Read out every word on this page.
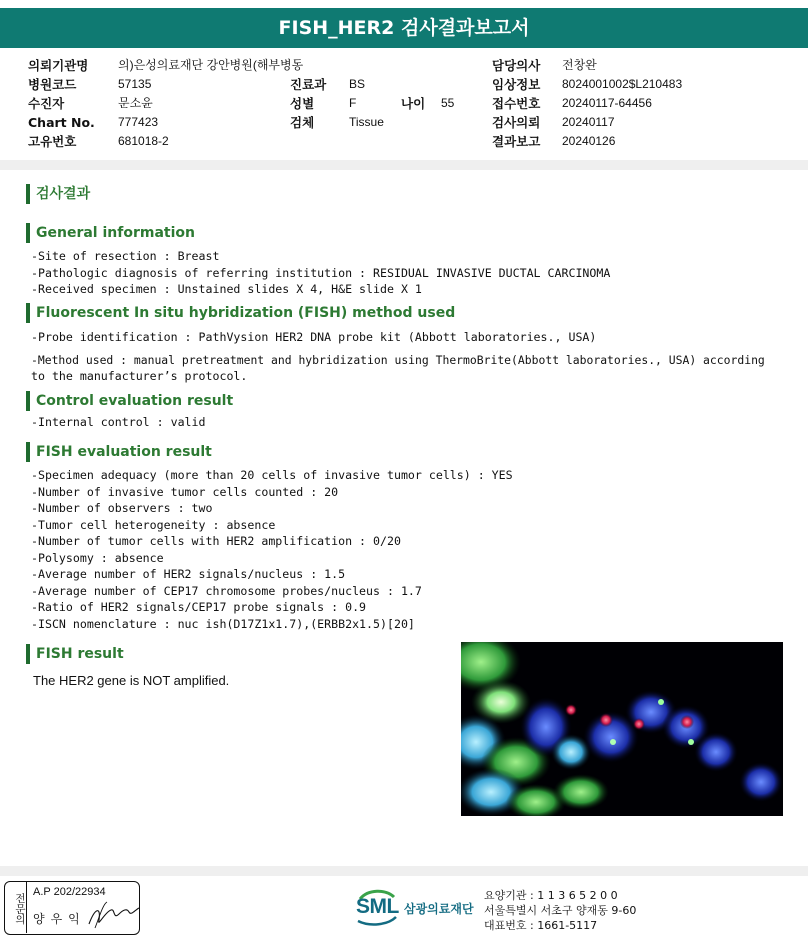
FISH_HER2 검사결과보고서
의뢰기관명 의)은성의료재단 강안병원(해부병동	담당의사 전창완
병원코드	57135	진료과 BS	임상정보 8024001002$L210483
수진자	문소윤	성별	F	나이 55	접수번호 20240117-64456
Chart No. 777423	검체	Tissue	검사의뢰 20240117
고유번호	681018-2	결과보고 20240126
검사결과
General information
-Site of resection : Breast
-Pathologic diagnosis of referring institution : RESIDUAL INVASIVE DUCTAL CARCINOMA
-Received specimen : Unstained slides X 4, H&E slide X 1
Fluorescent In situ hybridization (FISH) method used
-Probe identification : PathVysion HER2 DNA probe kit (Abbott laboratories., USA)
-Method used : manual pretreatment and hybridization using ThermoBrite(Abbott laboratories., USA) according
to the manufacturer’s protocol.
Control evaluation result
-Internal control : valid
FISH evaluation result
-Specimen adequacy (more than 20 cells of invasive tumor cells) : YES
-Number of invasive tumor cells counted : 20
-Number of observers : two
-Tumor cell heterogeneity : absence
-Number of tumor cells with HER2 amplification : 0/20
-Polysomy : absence
-Average number of HER2 signals/nucleus : 1.5
-Average number of CEP17 chromosome probes/nucleus : 1.7
-Ratio of HER2 signals/CEP17 probe signals : 0.9
-ISCN nomenclature : nuc ish(D17Z1x1.7),(ERBB2x1.5)[20]
FISH result
The HER2 gene is NOT amplified.
전문의
A.P 202/22934
양우익
SML 삼광의료재단
요양기관 : 1 1 3 6 5 2 0 0
서울특별시 서초구 양재동 9-60
대표번호 : 1661-5117
